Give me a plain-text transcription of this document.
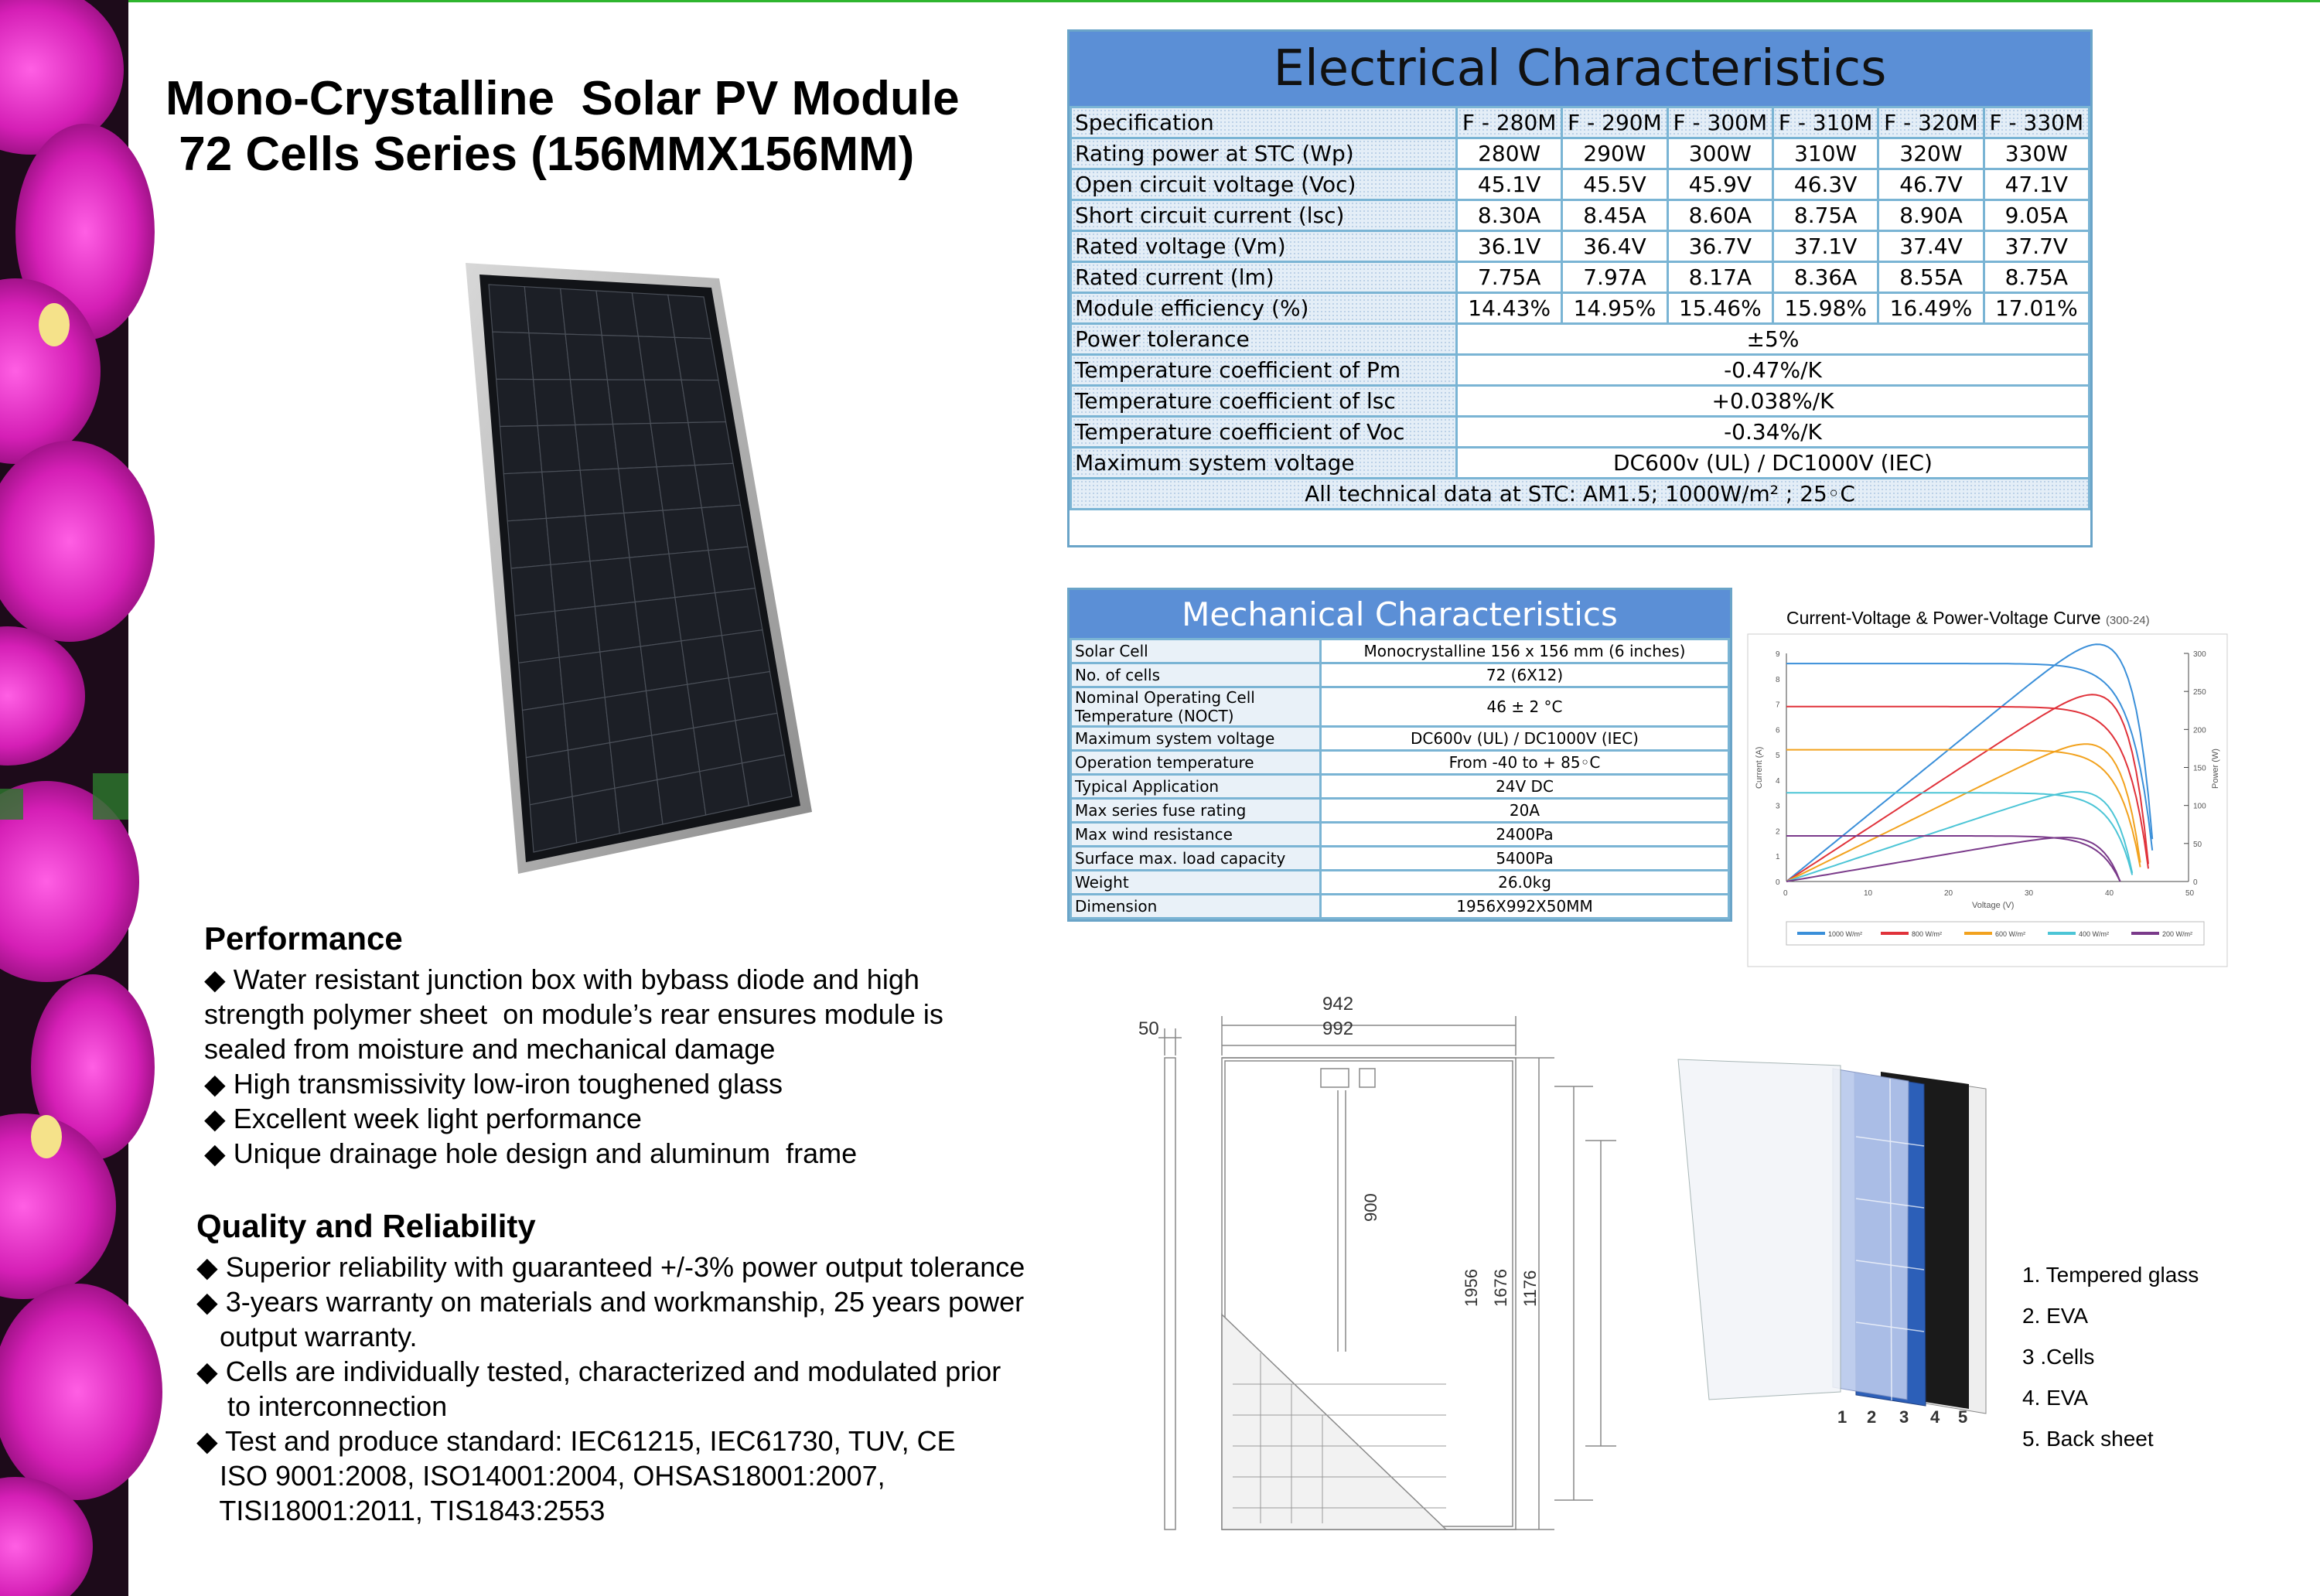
Mono-Crystalline  Solar PV Module
72 Cells Series (156MMX156MM)
Performance
◆ Water resistant junction box with bybass diode and high
strength polymer sheet  on module’s rear ensures module is
sealed from moisture and mechanical damage
◆ High transmissivity low-iron toughened glass
◆ Excellent week light performance
◆ Unique drainage hole design and aluminum  frame
Quality and Reliability
◆ Superior reliability with guaranteed +/-3% power output tolerance
◆ 3-years warranty on materials and workmanship, 25 years power
output warranty.
◆ Cells are individually tested, characterized and modulated prior
to interconnection
◆ Test and produce standard: IEC61215, IEC61730, TUV, CE
ISO 9001:2008, ISO14001:2004, OHSAS18001:2007,
TISI18001:2011, TIS1843:2553
Electrical Characteristics
Specification	F - 280M	F - 290M	F - 300M	F - 310M	F - 320M	F - 330M
Rating power at STC (Wp)	280W	290W	300W	310W	320W	330W
Open circuit voltage (Voc)	45.1V	45.5V	45.9V	46.3V	46.7V	47.1V
Short circuit current (lsc)	8.30A	8.45A	8.60A	8.75A	8.90A	9.05A
Rated voltage (Vm)	36.1V	36.4V	36.7V	37.1V	37.4V	37.7V
Rated current (lm)	7.75A	7.97A	8.17A	8.36A	8.55A	8.75A
Module efficiency (%)	14.43%	14.95%	15.46%	15.98%	16.49%	17.01%
Power tolerance	±5%					
Temperature coefficient of Pm	-0.47%/K					
Temperature coefficient of lsc	+0.038%/K					
Temperature coefficient of Voc	-0.34%/K					
Maximum system voltage	DC600v (UL) / DC1000V (IEC)					
All technical data at STC: AM1.5; 1000W/m² ; 25◦C						
Mechanical Characteristics
Solar Cell	Monocrystalline 156 x 156 mm (6 inches)
No. of cells	72 (6X12)
Nominal Operating Cell Temperature (NOCT)	46 ± 2 °C
Maximum system voltage	DC600v (UL) / DC1000V (IEC)
Operation temperature	From -40 to + 85◦C
Typical Application	24V DC
Max series fuse rating	20A
Max wind resistance	2400Pa
Surface max. load capacity	5400Pa
Weight	26.0kg
Dimension	1956X992X50MM
Current-Voltage & Power-Voltage Curve (300-24)
0	10	20	30	40	50
0
1
2
3
4
5
6
7
8
9
0
50
100
150
200
250
300
Voltage (V)
Current (A)	Power (W)
1000 W/m²	800 W/m²	600 W/m²	400 W/m²	200 W/m²
942
992
50
900
1956 1676 1176
1 2 3 4 5
1. Tempered glass
2. EVA
3 .Cells
4. EVA
5. Back sheet
